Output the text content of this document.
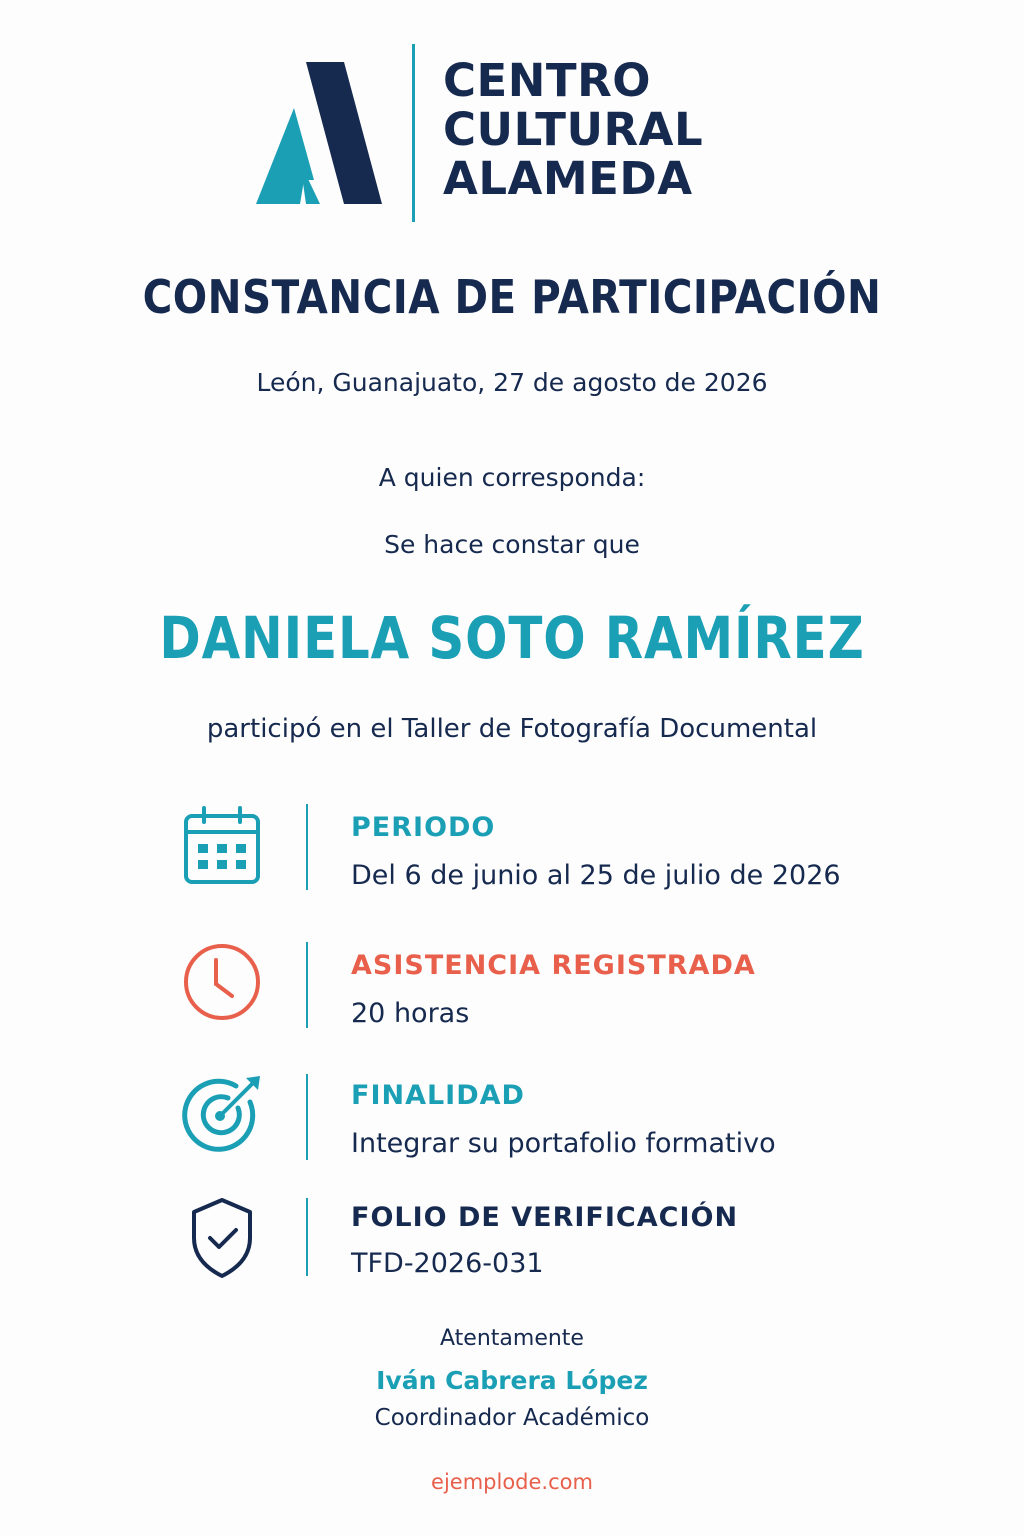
CENTRO
CULTURAL
ALAMEDA
CONSTANCIA DE PARTICIPACIÓN
León, Guanajuato, 27 de agosto de 2026
A quien corresponda:
Se hace constar que
DANIELA SOTO RAMÍREZ
participó en el Taller de Fotografía Documental
PERIODO
Del 6 de junio al 25 de julio de 2026
ASISTENCIA REGISTRADA
20 horas
FINALIDAD
Integrar su portafolio formativo
FOLIO DE VERIFICACIÓN
TFD-2026-031
Atentamente
Iván Cabrera López
Coordinador Académico
ejemplode.com
